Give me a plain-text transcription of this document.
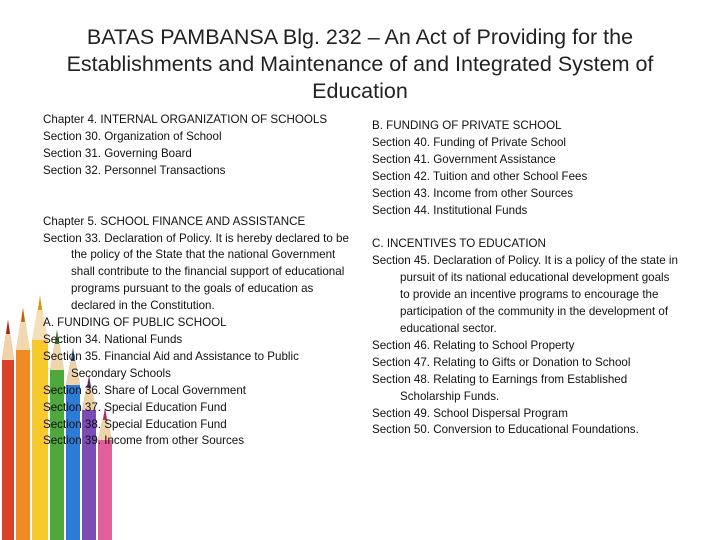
BATAS PAMBANSA Blg. 232 – An Act of Providing for the Establishments and Maintenance of and Integrated System of Education
Chapter 4. INTERNAL ORGANIZATION OF SCHOOLS
Section 30. Organization of School
Section 31. Governing Board
Section 32. Personnel Transactions
Chapter 5. SCHOOL FINANCE AND ASSISTANCE
Section 33. Declaration of Policy. It is hereby declared to be the policy of the State that the national Government shall contribute to the financial support of educational programs pursuant to the goals of education as declared in the Constitution.
A. FUNDING OF PUBLIC SCHOOL
Section 34. National Funds
Section 35. Financial Aid and Assistance to Public Secondary Schools
Section 36. Share of Local Government
Section 37. Special Education Fund
Section 38. Special Education Fund
Section 39. Income from other Sources
B. FUNDING OF PRIVATE SCHOOL
Section 40. Funding of Private School
Section 41. Government Assistance
Section 42. Tuition and other School Fees
Section 43. Income from other Sources
Section 44. Institutional Funds
C. INCENTIVES TO EDUCATION
Section 45. Declaration of Policy. It is a policy of the state in pursuit of its national educational development goals to provide an incentive programs to encourage the participation of the community in the development of educational sector.
Section 46. Relating to School Property
Section 47. Relating to Gifts or Donation to School
Section 48. Relating to Earnings from Established Scholarship Funds.
Section 49. School Dispersal Program
Section 50. Conversion to Educational Foundations.
